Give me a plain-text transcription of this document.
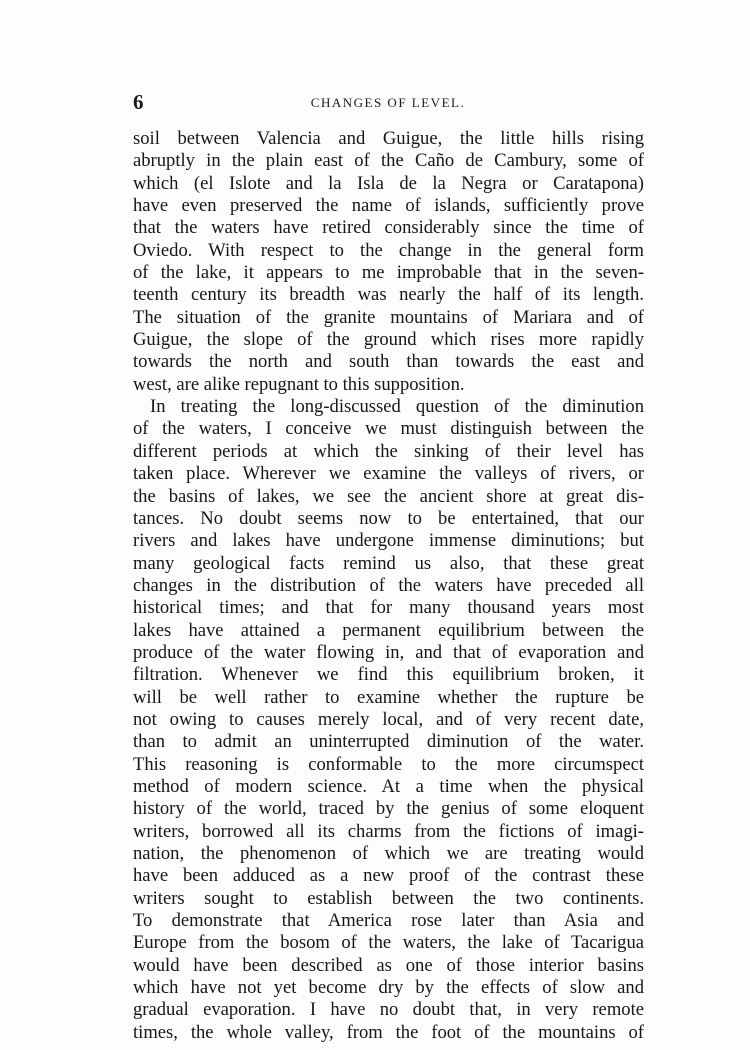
6	CHANGES OF LEVEL.
soil between Valencia and Guigue, the little hills rising
abruptly in the plain east of the Caño de Cambury, some of
which (el Islote and la Isla de la Negra or Caratapona)
have even preserved the name of islands, sufficiently prove
that the waters have retired considerably since the time of
Oviedo. With respect to the change in the general form
of the lake, it appears to me improbable that in the seven-
teenth century its breadth was nearly the half of its length.
The situation of the granite mountains of Mariara and of
Guigue, the slope of the ground which rises more rapidly
towards the north and south than towards the east and
west, are alike repugnant to this supposition.
In treating the long-discussed question of the diminution
of the waters, I conceive we must distinguish between the
different periods at which the sinking of their level has
taken place. Wherever we examine the valleys of rivers, or
the basins of lakes, we see the ancient shore at great dis-
tances. No doubt seems now to be entertained, that our
rivers and lakes have undergone immense diminutions; but
many geological facts remind us also, that these great
changes in the distribution of the waters have preceded all
historical times; and that for many thousand years most
lakes have attained a permanent equilibrium between the
produce of the water flowing in, and that of evaporation and
filtration. Whenever we find this equilibrium broken, it
will be well rather to examine whether the rupture be
not owing to causes merely local, and of very recent date,
than to admit an uninterrupted diminution of the water.
This reasoning is conformable to the more circumspect
method of modern science. At a time when the physical
history of the world, traced by the genius of some eloquent
writers, borrowed all its charms from the fictions of imagi-
nation, the phenomenon of which we are treating would
have been adduced as a new proof of the contrast these
writers sought to establish between the two continents.
To demonstrate that America rose later than Asia and
Europe from the bosom of the waters, the lake of Tacarigua
would have been described as one of those interior basins
which have not yet become dry by the effects of slow and
gradual evaporation. I have no doubt that, in very remote
times, the whole valley, from the foot of the mountains of
